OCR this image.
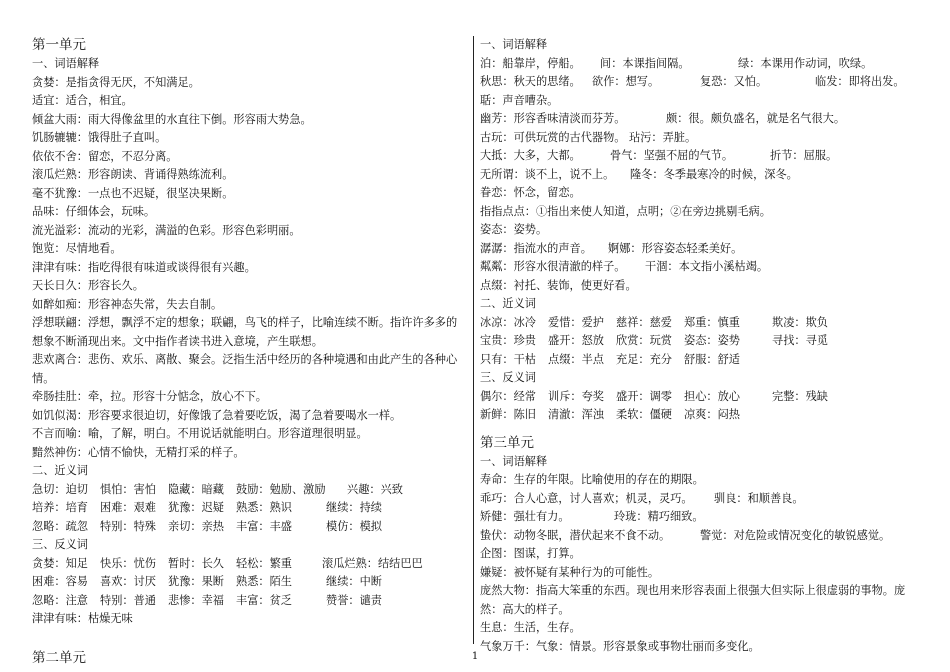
第一单元

一、词语解释

贪婪：是指贪得无厌，不知满足。

适宜：适合，相宜。

倾盆大雨：雨大得像盆里的水直往下倒。形容雨大势急。

饥肠辘辘：饿得肚子直叫。

依依不舍：留恋，不忍分离。

滚瓜烂熟：形容朗读、背诵得熟练流利。

毫不犹豫：一点也不迟疑，很坚决果断。

品味：仔细体会，玩味。

流光溢彩：流动的光彩，满溢的色彩。形容色彩明丽。

饱览：尽情地看。

津津有味：指吃得很有味道或谈得很有兴趣。

天长日久：形容长久。

如醉如痴：形容神态失常，失去自制。

浮想联翩：浮想，飘浮不定的想象；联翩，鸟飞的样子，比喻连续不断。指许许多多的想象不断涌现出来。文中指作者读书进入意境，产生联想。

悲欢离合：悲伤、欢乐、离散、聚会。泛指生活中经历的各种境遇和由此产生的各种心情。

牵肠挂肚：牵，拉。形容十分惦念，放心不下。

如饥似渴：形容要求很迫切，好像饿了急着要吃饭，渴了急着要喝水一样。

不言而喻：喻，了解，明白。不用说话就能明白。形容道理很明显。

黯然神伤：心情不愉快，无精打采的样子。

二、近义词

急切：迫切	惧怕：害怕	隐藏：暗藏	鼓励：勉励、激励	兴趣：兴致
培养：培育	困难：艰难	犹豫：迟疑	熟悉：熟识	继续：持续
忽略：疏忽	特别：特殊	亲切：亲热	丰富：丰盛	模仿：模拟

三、反义词

贪婪：知足	快乐：忧伤	暂时：长久	轻松：繁重	滚瓜烂熟：结结巴巴
困难：容易	喜欢：讨厌	犹豫：果断	熟悉：陌生	继续：中断
忽略：注意	特别：普通	悲惨：幸福	丰富：贫乏	赞誉：谴责
津津有味：枯燥无味

第二单元

一、词语解释

泊：船靠岸，停船。	间：本课指间隔。	绿：本课用作动词，吹绿。
秋思：秋天的思绪。	欲作：想写。	复恐：又怕。	临发：即将出发。
聒：声音嘈杂。
幽芳：形容香味清淡而芬芳。	颇：很。颇负盛名，就是名气很大。
古玩：可供玩赏的古代器物。 玷污：弄脏。
大抵：大多，大都。	骨气：坚强不屈的气节。	折节：屈服。
无所谓：谈不上，说不上。	隆冬：冬季最寒冷的时候，深冬。
眷恋：怀念，留恋。
指指点点：①指出来使人知道，点明；②在旁边挑剔毛病。
姿态：姿势。
潺潺：指流水的声音。	婀娜：形容姿态轻柔美好。
粼粼：形容水很清澈的样子。	干涸：本文指小溪枯竭。
点缀：衬托、装饰，使更好看。

二、近义词

冰凉：冰冷	爱惜：爱护	慈祥：慈爱	郑重：慎重	欺凌：欺负
宝贵：珍贵	盛开：怒放	欣赏：玩赏	姿态：姿势	寻找：寻觅
只有：干枯	点缀：半点	充足：充分	舒服：舒适

三、反义词

偶尔：经常	训斥：夸奖	盛开：调零	担心：放心	完整：残缺
新鲜：陈旧	清澈：浑浊	柔软：僵硬	凉爽：闷热

第三单元

一、词语解释

寿命：生存的年限。比喻使用的存在的期限。
乖巧：合人心意，讨人喜欢；机灵，灵巧。	驯良：和顺善良。
矫健：强壮有力。	玲珑：精巧细致。
蛰伏：动物冬眠，潜伏起来不食不动。	警觉：对危险或情况变化的敏锐感觉。
企图：图谋，打算。
嫌疑：被怀疑有某种行为的可能性。
庞然大物：指高大笨重的东西。现也用来形容表面上很强大但实际上很虚弱的事物。庞然：高大的样子。
生息：生活，生存。
气象万千：气象：情景。形容景象或事物壮丽而多变化。
1
